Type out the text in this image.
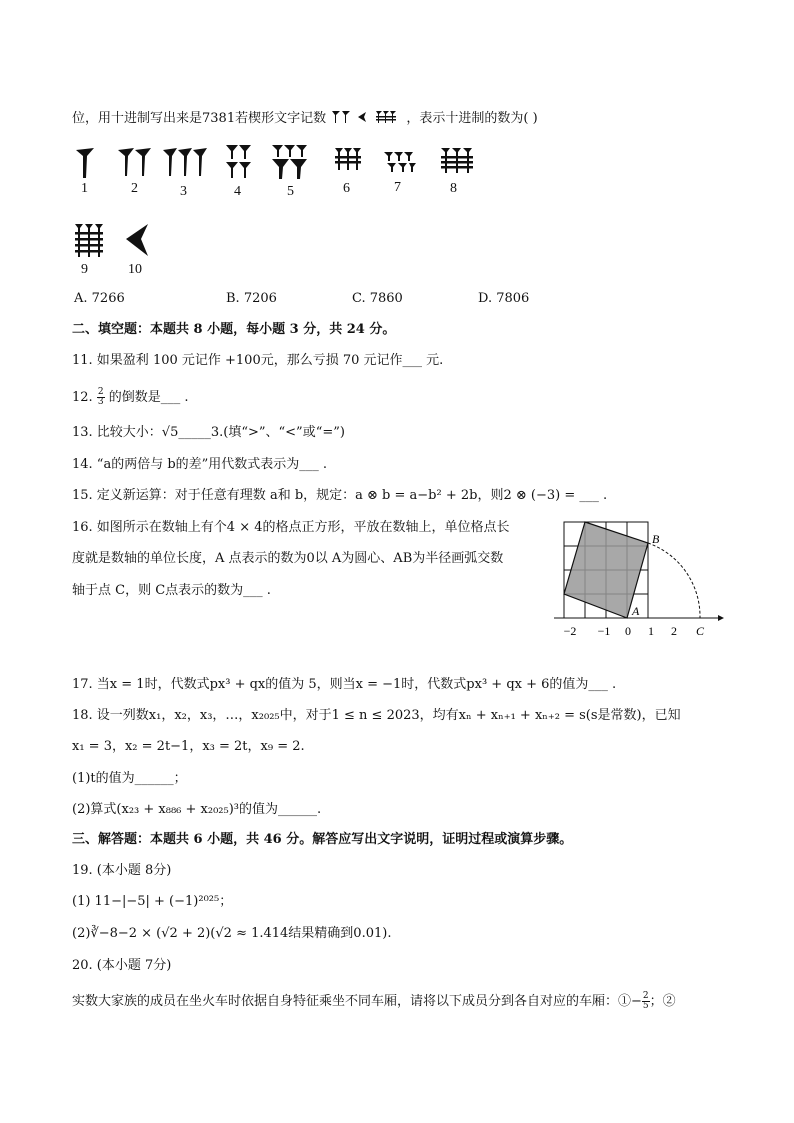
位，用十进制写出来是7381若楔形文字记数	，表示十进制的数为( )
1	2	3	4	5	6	7	8
9	10
A. 7266	B. 7206	C. 7860	D. 7806
二、填空题：本题共 8 小题，每小题 3 分，共 24 分。
11. 如果盈利 100 元记作 +100元，那么亏损 70 元记作___ 元.
12. $\frac{2}{3}$ 的倒数是___ .
13. 比较大小：√5_____3.(填“>”、“<”或“=”)
14. “a的两倍与 b的差”用代数式表示为___ .
15. 定义新运算：对于任意有理数 a和 b，规定：a ⊗ b = a−b² + 2b，则2 ⊗ (−3) = ___ .
16. 如图所示在数轴上有个4 × 4的格点正方形，平放在数轴上，单位格点长
度就是数轴的单位长度，A 点表示的数为0以 A为圆心、AB为半径画弧交数
轴于点 C，则 C点表示的数为___ .
−2 −1 0 1 2 C
A
B
17. 当x = 1时，代数式px³ + qx的值为 5，则当x = −1时，代数式px³ + qx + 6的值为___ .
18. 设一列数x₁，x₂，x₃，…，x₂₀₂₅中，对于1 ≤ n ≤ 2023，均有xₙ + xₙ₊₁ + xₙ₊₂ = s(s是常数)，已知
x₁ = 3，x₂ = 2t−1，x₃ = 2t，x₉ = 2.
(1)t的值为______；
(2)算式(x₂₃ + x₈₈₆ + x₂₀₂₅)³的值为______.
三、解答题：本题共 6 小题，共 46 分。解答应写出文字说明，证明过程或演算步骤。
19. (本小题 8分)
(1) 11−|−5| + (−1)²⁰²⁵；
(2)∛−8−2 × (√2 + 2)(√2 ≈ 1.414结果精确到0.01).
20. (本小题 7分)
实数大家族的成员在坐火车时依据自身特征乘坐不同车厢，请将以下成员分到各自对应的车厢：①− $\frac{2}{5}$ ；②
